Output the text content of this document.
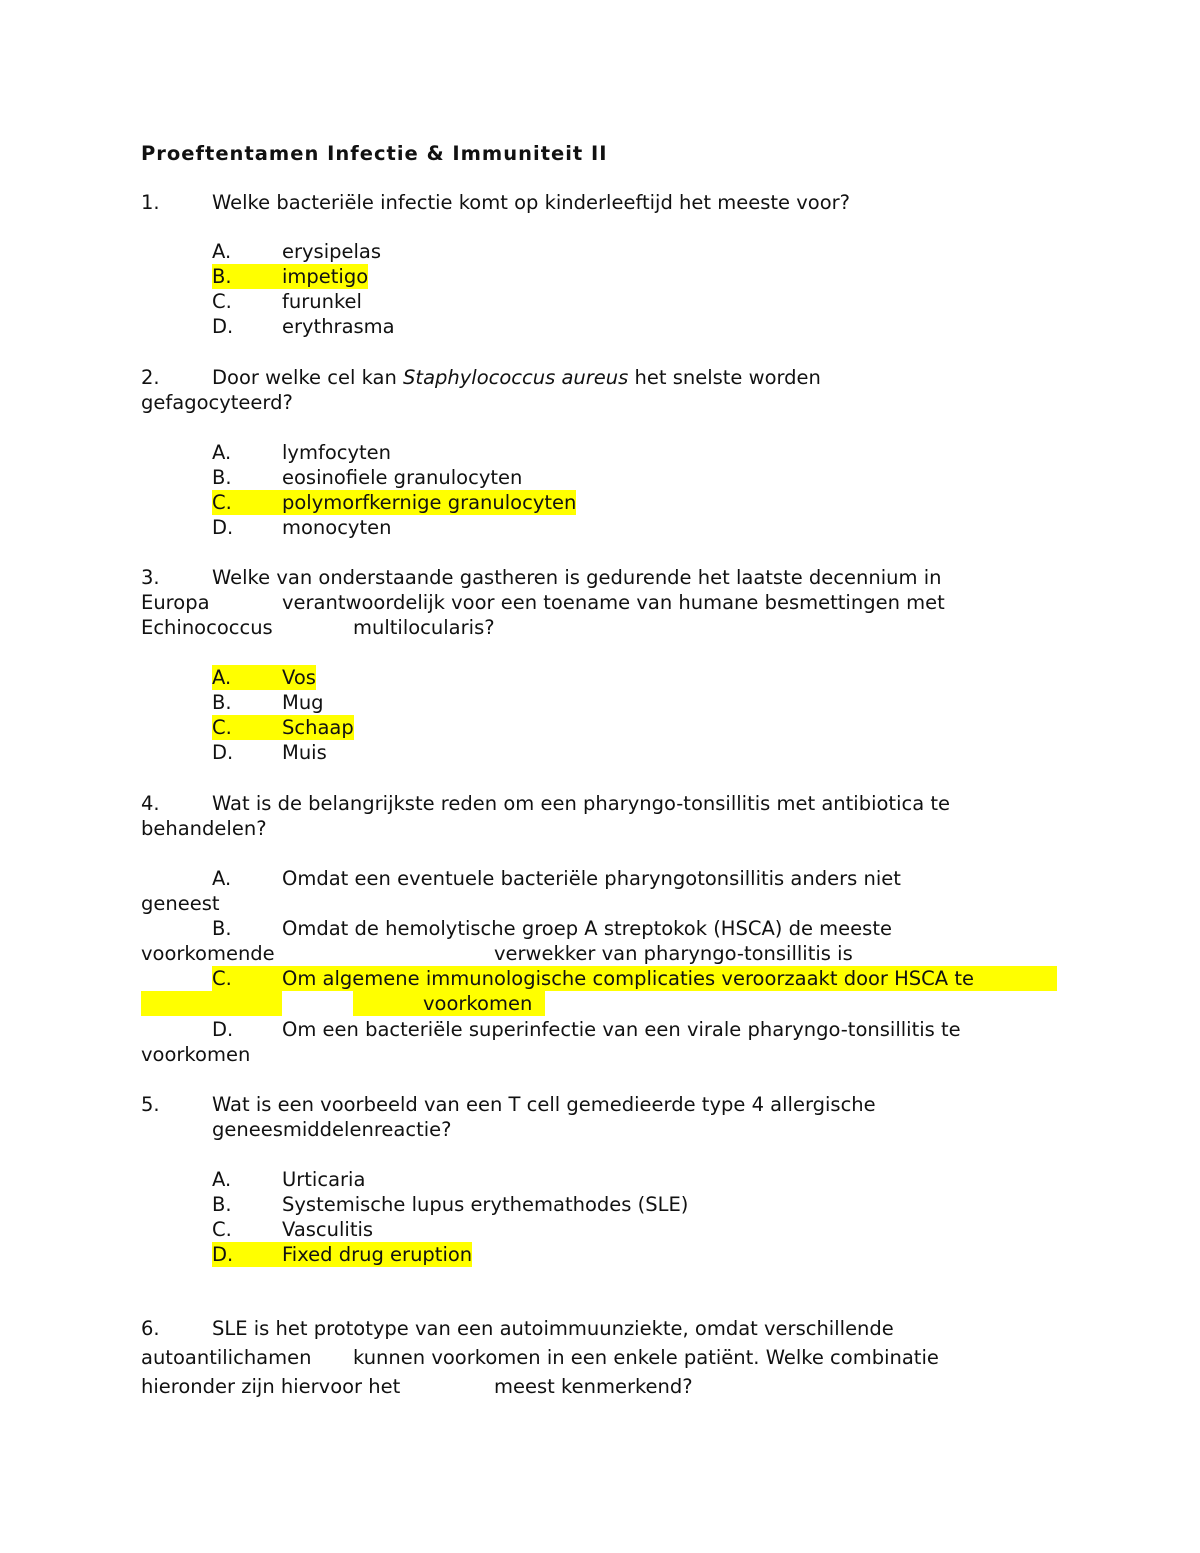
Proeftentamen Infectie & Immuniteit II
1.	Welke bacteriële infectie komt op kinderleeftijd het meeste voor?
A.	erysipelas
B.	impetigo
C.	furunkel
D.	erythrasma
2.	Door welke cel kan Staphylococcus aureus het snelste worden
gefagocyteerd?
A.	lymfocyten
B.	eosinofiele granulocyten
C.	polymorfkernige granulocyten
D.	monocyten
3.	Welke van onderstaande gastheren is gedurende het laatste decennium in
Europa	verantwoordelijk voor een toename van humane besmettingen met
Echinococcus	multilocularis?
A.	Vos
B.	Mug
C.	Schaap
D.	Muis
4.	Wat is de belangrijkste reden om een pharyngo-tonsillitis met antibiotica te
behandelen?
A.	Omdat een eventuele bacteriële pharyngotonsillitis anders niet
geneest
B.	Omdat de hemolytische groep A streptokok (HSCA) de meeste
voorkomende	verwekker van pharyngo-tonsillitis is
C.	Om algemene immunologische complicaties veroorzaakt door HSCA te
voorkomen
D.	Om een bacteriële superinfectie van een virale pharyngo-tonsillitis te
voorkomen
5.	Wat is een voorbeeld van een T cell gemedieerde type 4 allergische
geneesmiddelenreactie?
A.	Urticaria
B.	Systemische lupus erythemathodes (SLE)
C.	Vasculitis
D.	Fixed drug eruption
6.	SLE is het prototype van een autoimmuunziekte, omdat verschillende
autoantilichamen kunnen voorkomen in een enkele patiënt. Welke combinatie
hieronder zijn hiervoor het	meest kenmerkend?
